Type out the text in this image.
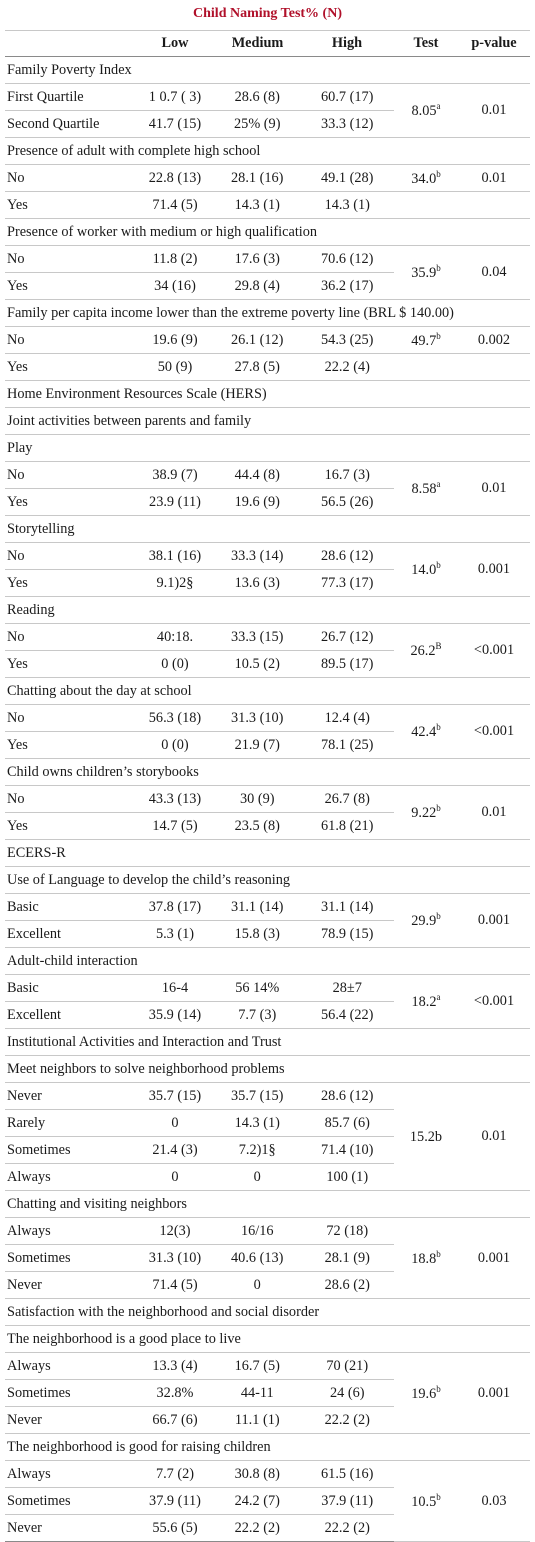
Child Naming Test% (N)
	Low	Medium	High	Test	p-value
Family Poverty Index					
First Quartile	1 0.7 ( 3)	28.6 (8)	60.7 (17)	8.05$^a$	0.01
Second Quartile	41.7 (15)	25% (9)	33.3 (12)		
Presence of adult with complete high school					
No	22.8 (13)	28.1 (16)	49.1 (28)	34.0$^b$	0.01
Yes	71.4 (5)	14.3 (1)	14.3 (1)		
Presence of worker with medium or high qualification					
No	11.8 (2)	17.6 (3)	70.6 (12)	35.9$^b$	0.04
Yes	34 (16)	29.8 (4)	36.2 (17)		
Family per capita income lower than the extreme poverty line (BRL $ 140.00)					
No	19.6 (9)	26.1 (12)	54.3 (25)	49.7$^b$	0.002
Yes	50 (9)	27.8 (5)	22.2 (4)		
Home Environment Resources Scale (HERS)					
Joint activities between parents and family					
Play					
No	38.9 (7)	44.4 (8)	16.7 (3)	8.58$^a$	0.01
Yes	23.9 (11)	19.6 (9)	56.5 (26)		
Storytelling					
No	38.1 (16)	33.3 (14)	28.6 (12)	14.0$^b$	0.001
Yes	9.1)2§	13.6 (3)	77.3 (17)		
Reading					
No	40:18.	33.3 (15)	26.7 (12)	$26.2^B$	<0.001
Yes	0 (0)	10.5 (2)	89.5 (17)		
Chatting about the day at school					
No	56.3 (18)	31.3 (10)	12.4 (4)	42.4$^b$	<0.001
Yes	0 (0)	21.9 (7)	78.1 (25)		
Child owns children’s storybooks					
No	43.3 (13)	30 (9)	26.7 (8)	9.22$^b$	0.01
Yes	14.7 (5)	23.5 (8)	61.8 (21)		
ECERS-R					
Use of Language to develop the child’s reasoning					
Basic	37.8 (17)	31.1 (14)	31.1 (14)	29.9$^b$	0.001
Excellent	5.3 (1)	15.8 (3)	78.9 (15)		
Adult-child interaction					
Basic	16-4	56 14%	28±7	18.2$^a$	<0.001
Excellent	35.9 (14)	7.7 (3)	56.4 (22)		
Institutional Activities and Interaction and Trust					
Meet neighbors to solve neighborhood problems					
Never	35.7 (15)	35.7 (15)	28.6 (12)	15.2b	0.01
Rarely	0	14.3 (1)	85.7 (6)		
Sometimes	21.4 (3)	7.2)1§	71.4 (10)		
Always	0	0	100 (1)		
Chatting and visiting neighbors					
Always	12(3)	16/16	72 (18)	18.8$^b$	0.001
Sometimes	31.3 (10)	40.6 (13)	28.1 (9)		
Never	71.4 (5)	0	28.6 (2)		
Satisfaction with the neighborhood and social disorder					
The neighborhood is a good place to live					
Always	13.3 (4)	16.7 (5)	70 (21)	19.6$^b$	0.001
Sometimes	32.8%	44-11	24 (6)		
Never	66.7 (6)	11.1 (1)	22.2 (2)		
The neighborhood is good for raising children					
Always	7.7 (2)	30.8 (8)	61.5 (16)	10.5$^b$	0.03
Sometimes	37.9 (11)	24.2 (7)	37.9 (11)		
Never	55.6 (5)	22.2 (2)	22.2 (2)		
